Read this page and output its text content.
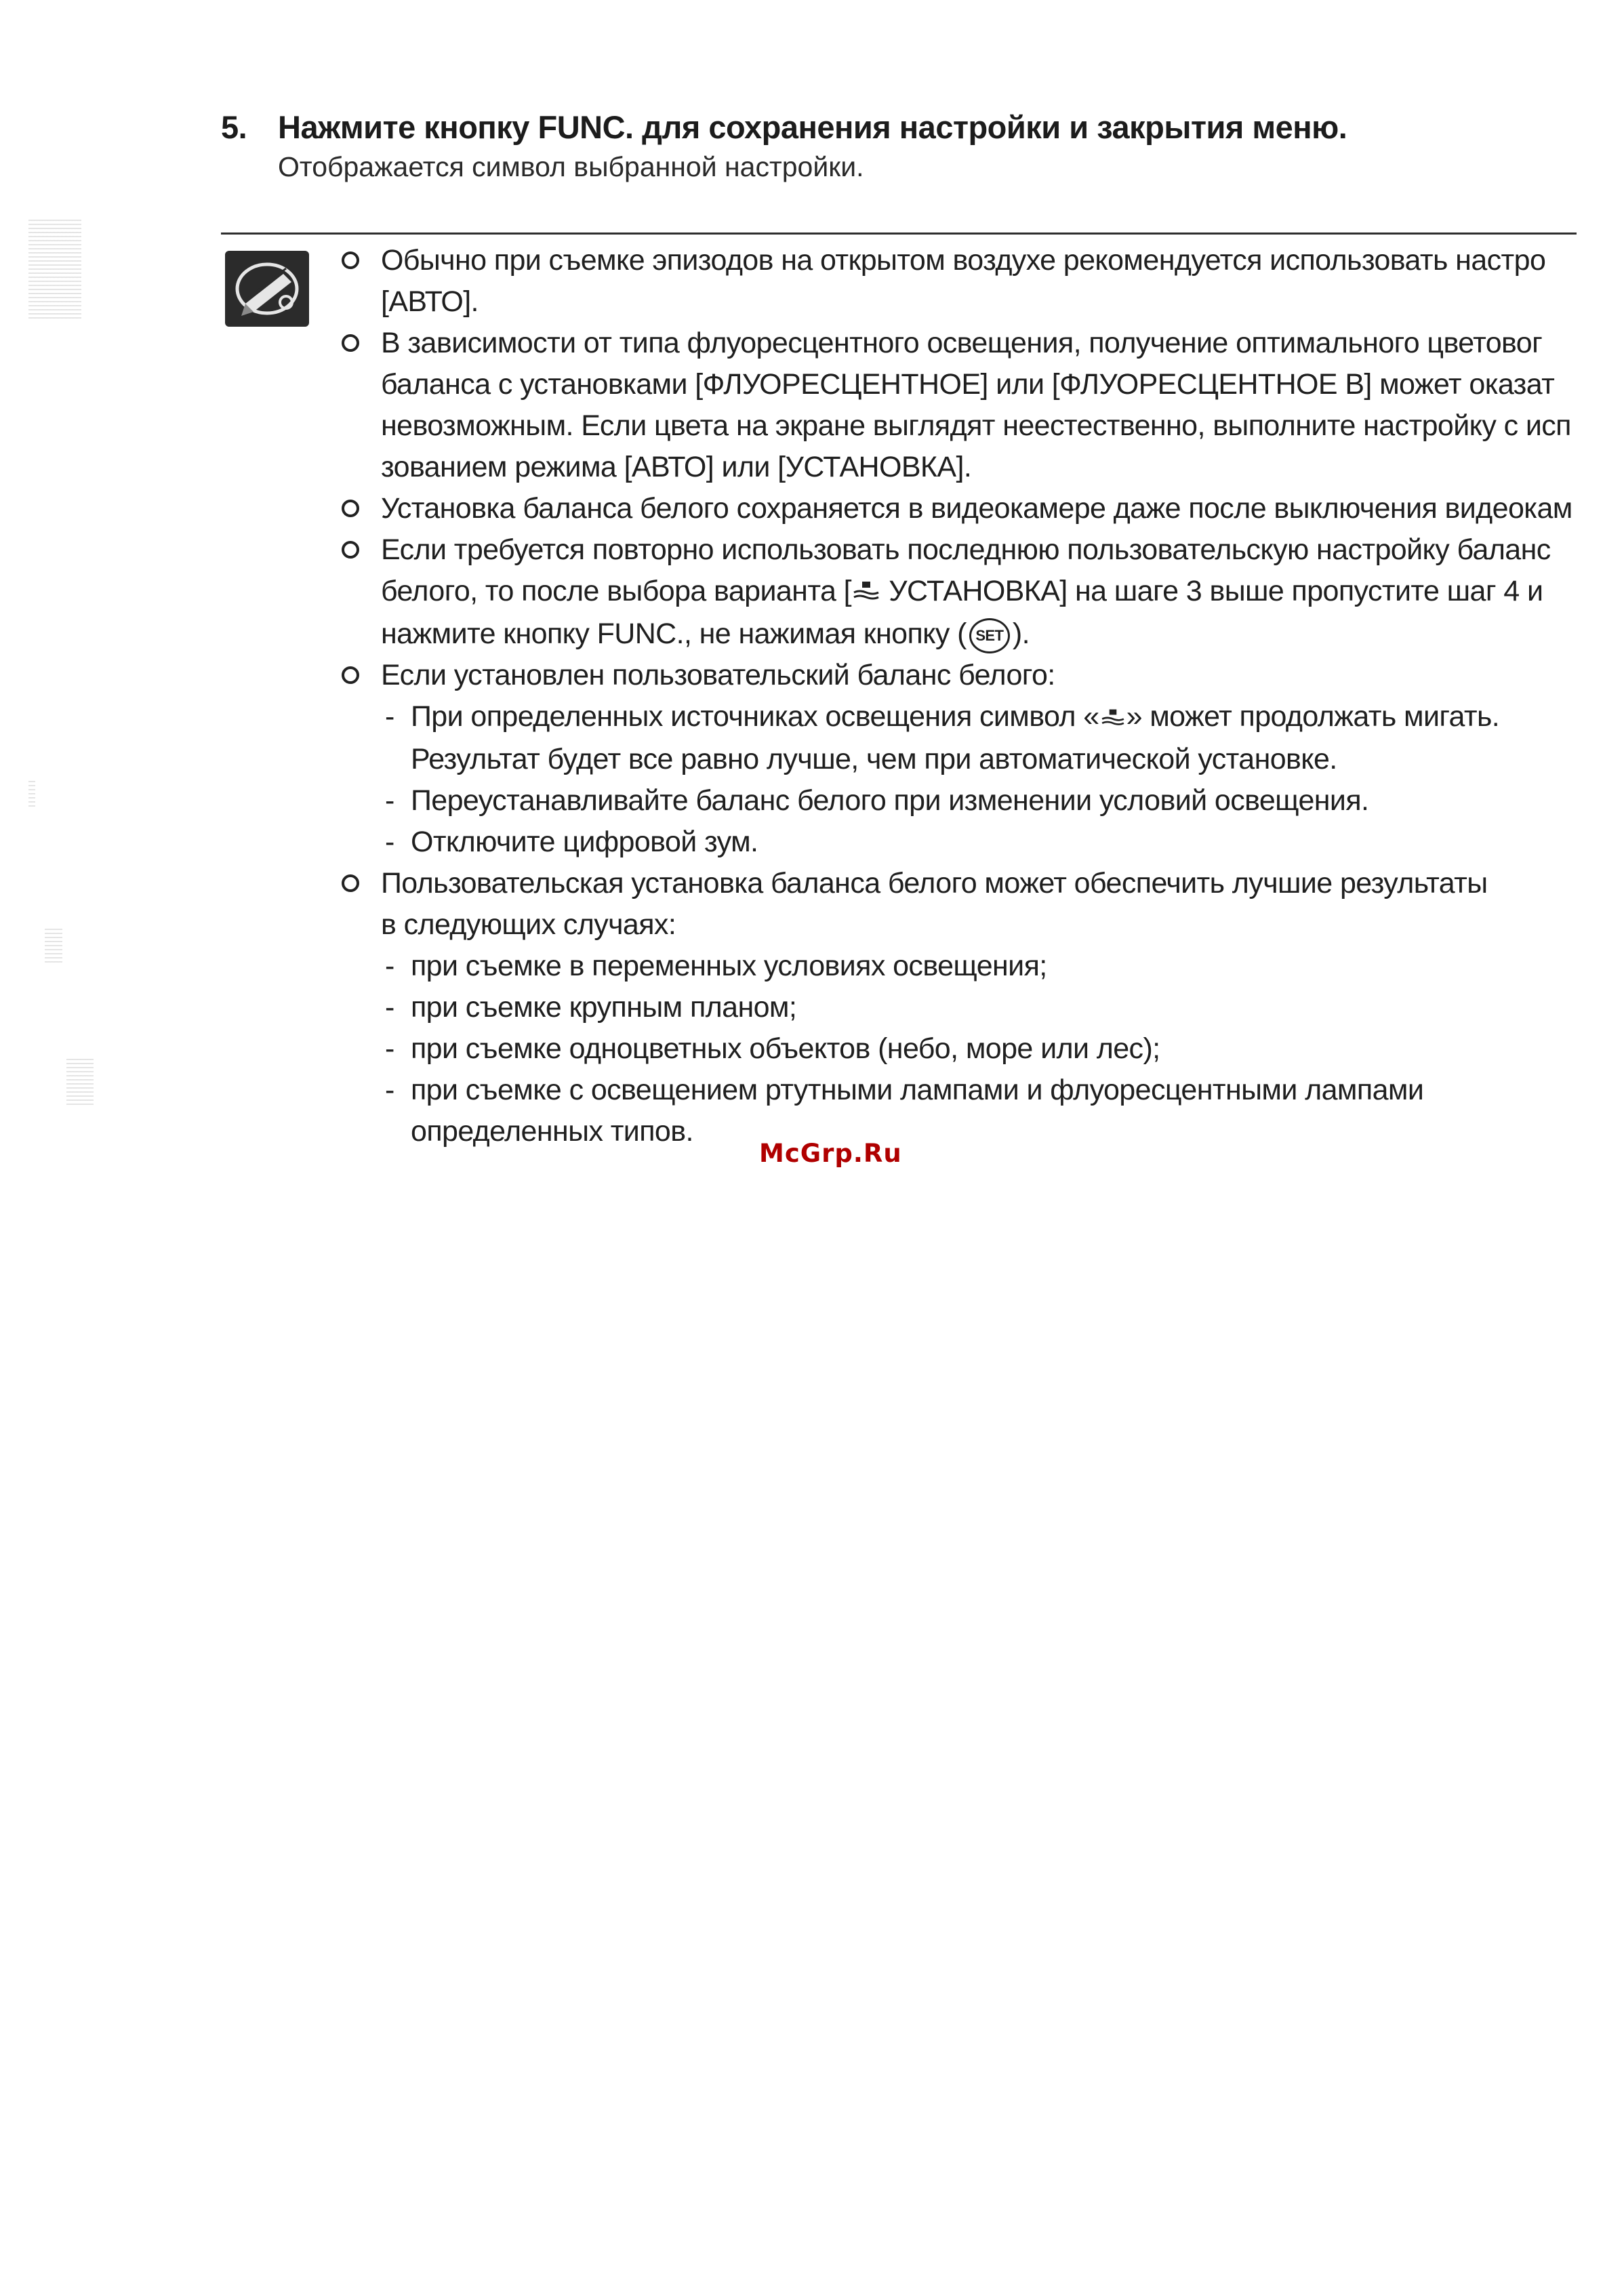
5. Нажмите кнопку FUNC. для сохранения настройки и закрытия меню.
Отображается символ выбранной настройки.
Обычно при съемке эпизодов на открытом воздухе рекомендуется использовать настро
[АВТО].
В зависимости от типа флуоресцентного освещения, получение оптимального цветовог
баланса с установками [ФЛУОРЕСЦЕНТНОЕ] или [ФЛУОРЕСЦЕНТНОЕ В] может оказат
невозможным. Если цвета на экране выглядят неестественно, выполните настройку с исп
зованием режима [АВТО] или [УСТАНОВКА].
Установка баланса белого сохраняется в видеокамере даже после выключения видеокам
Если требуется повторно использовать последнюю пользовательскую настройку баланс
белого, то после выбора варианта [ УСТАНОВКА] на шаге 3 выше пропустите шаг 4 и
нажмите кнопку FUNC., не нажимая кнопку ( SET ).
Если установлен пользовательский баланс белого:
- При определенных источниках освещения символ « » может продолжать мигать.
Результат будет все равно лучше, чем при автоматической установке.
- Переустанавливайте баланс белого при изменении условий освещения.
- Отключите цифровой зум.
Пользовательская установка баланса белого может обеспечить лучшие результаты
в следующих случаях:
- при съемке в переменных условиях освещения;
- при съемке крупным планом;
- при съемке одноцветных объектов (небо, море или лес);
- при съемке с освещением ртутными лампами и флуоресцентными лампами
определенных типов.
McGrp.Ru
